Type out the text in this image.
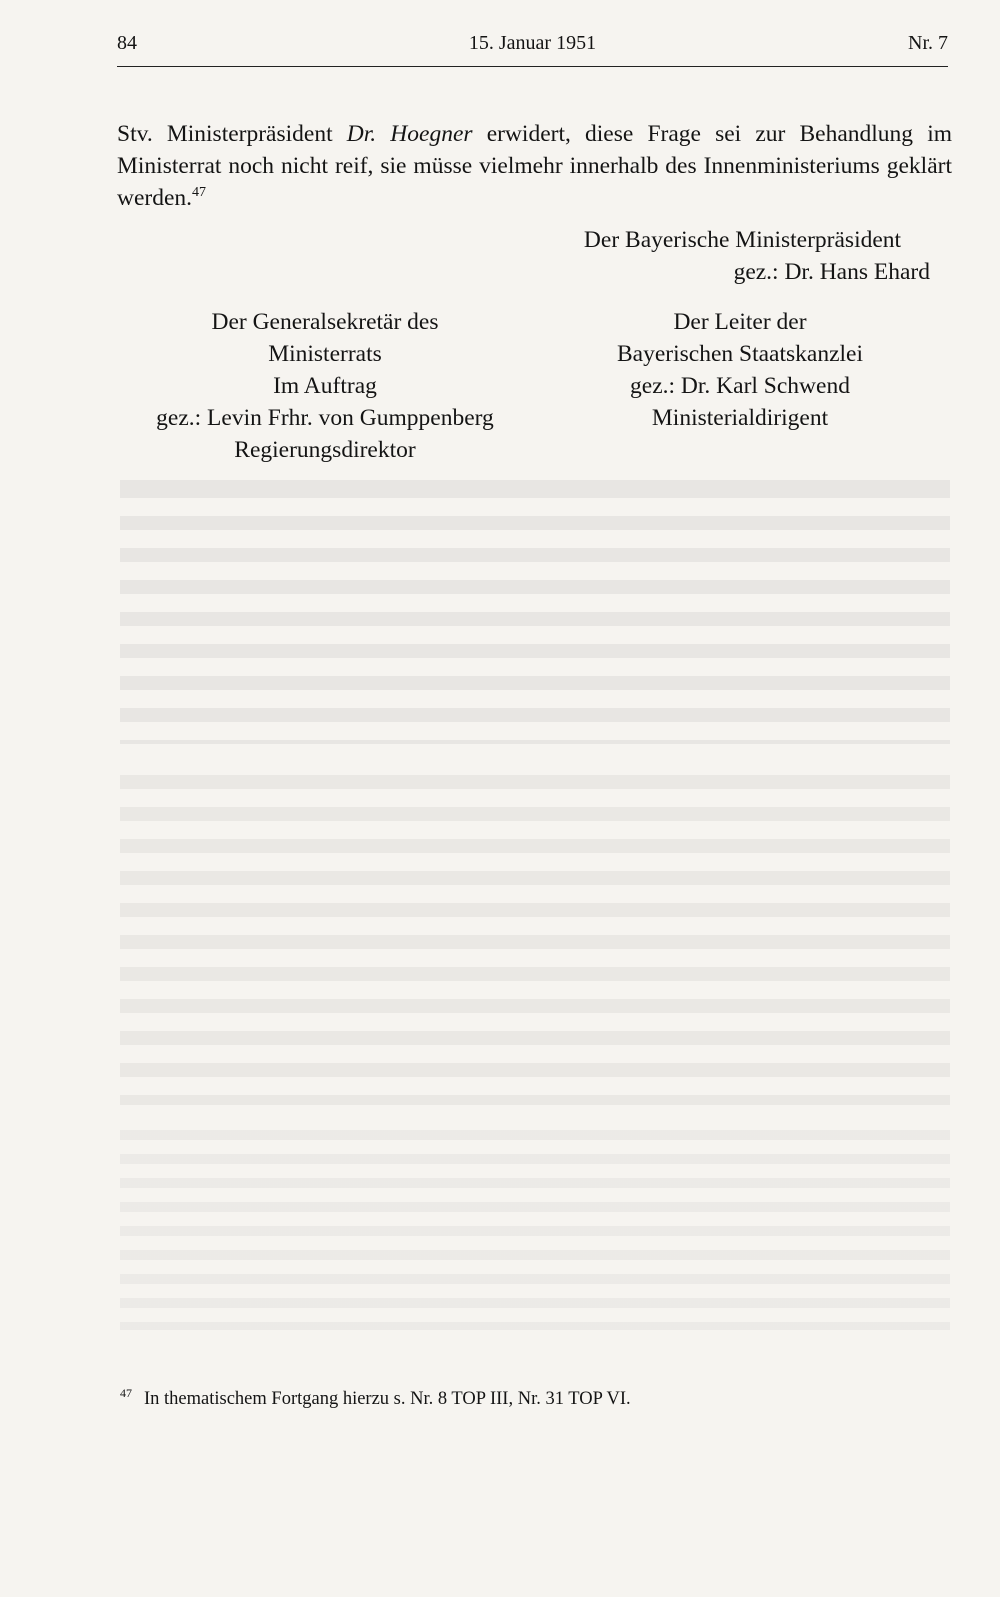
84	15. Januar 1951	Nr. 7

Stv. Ministerpräsident Dr. Hoegner erwidert, diese Frage sei zur Behandlung im Ministerrat noch nicht reif, sie müsse vielmehr innerhalb des Innenministeriums geklärt werden.$^{47}$

Der Bayerische Ministerpräsident
gez.: Dr. Hans Ehard
Der Generalsekretär des
Ministerrats
Im Auftrag
gez.: Levin Frhr. von Gumppenberg
Regierungsdirektor
Der Leiter der
Bayerischen Staatskanzlei
gez.: Dr. Karl Schwend
Ministerialdirigent
$^{47}$ In thematischem Fortgang hierzu s. Nr. 8 TOP III, Nr. 31 TOP VI.
